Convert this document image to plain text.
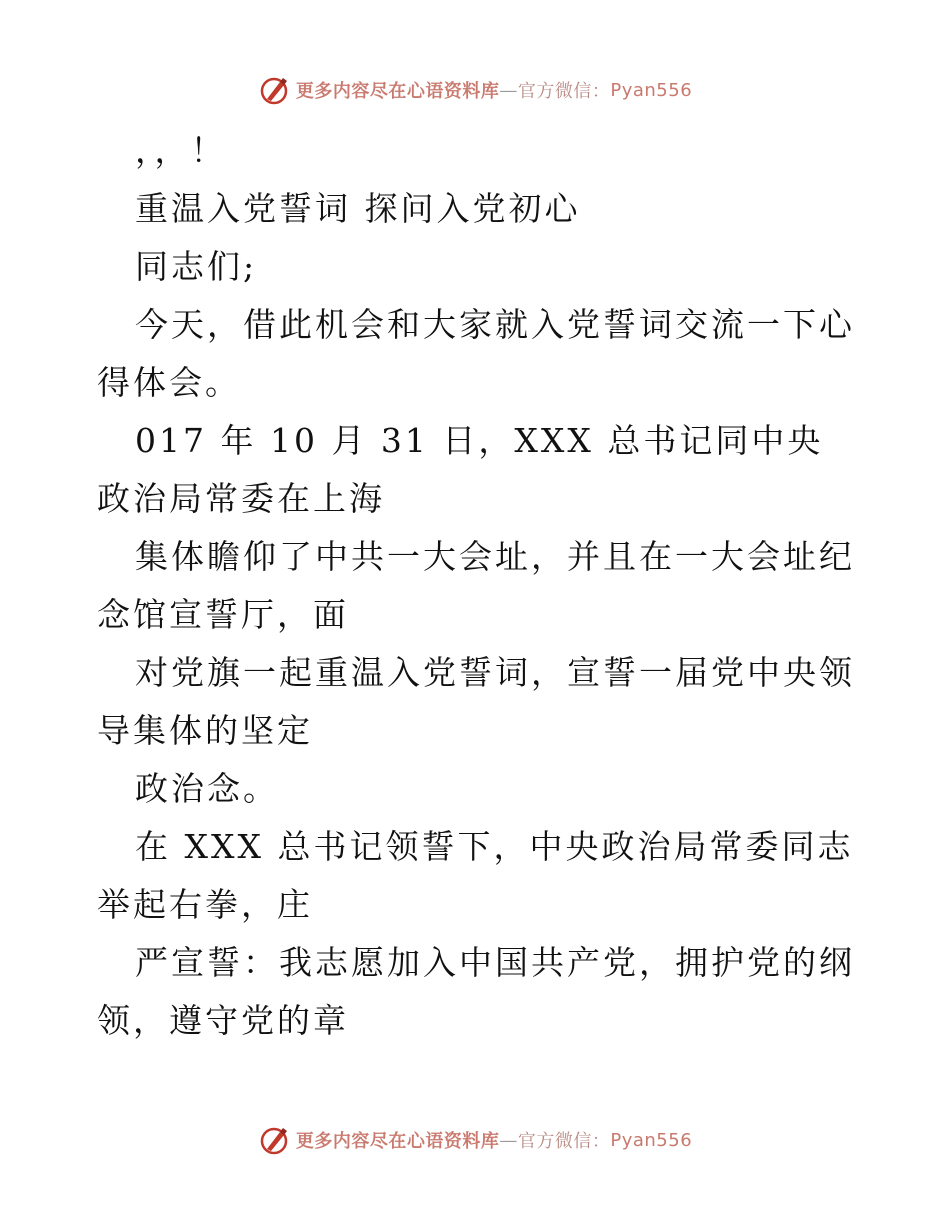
更多内容尽在心语资料库 — 官方微信： Pyan556

，，！

重温入党誓词 探问入党初心

同志们;

今天，借此机会和大家就入党誓词交流一下心得体会。

017 年 10 月 31 日，XXX 总书记同中央政治局常委在上海

集体瞻仰了中共一大会址，并且在一大会址纪念馆宣誓厅，面

对党旗一起重温入党誓词，宣誓一届党中央领导集体的坚定

政治念。

在 XXX 总书记领誓下，中央政治局常委同志举起右拳，庄

严宣誓：我志愿加入中国共产党，拥护党的纲领，遵守党的章

更多内容尽在心语资料库 — 官方微信： Pyan556
